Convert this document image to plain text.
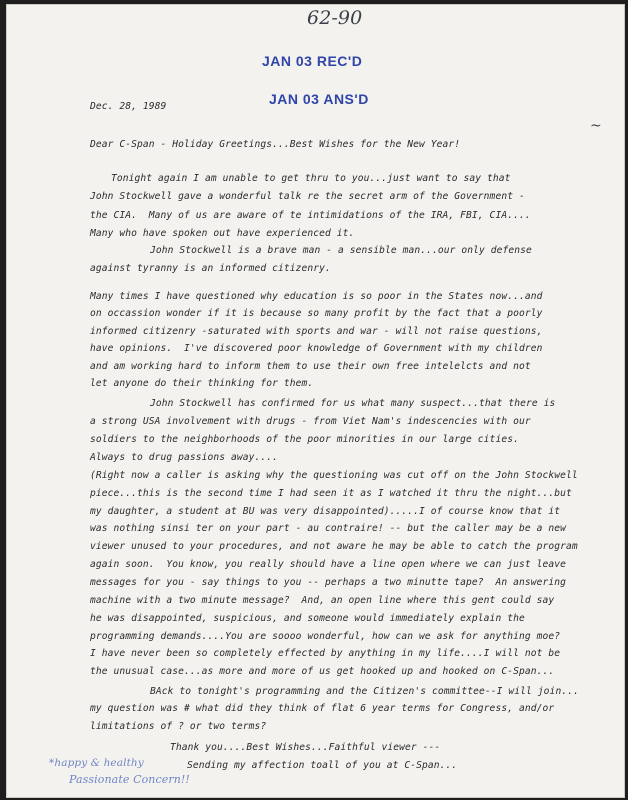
62-90
JAN 03 REC'D
JAN 03 ANS'D
~
Dec. 28, 1989
Dear C-Span - Holiday Greetings...Best Wishes for the New Year!
Tonight again I am unable to get thru to you...just want to say that
John Stockwell gave a wonderful talk re the secret arm of the Government -
the CIA.  Many of us are aware of te intimidations of the IRA, FBI, CIA....
Many who have spoken out have experienced it.
John Stockwell is a brave man - a sensible man...our only defense
against tyranny is an informed citizenry.
Many times I have questioned why education is so poor in the States now...and
on occassion wonder if it is because so many profit by the fact that a poorly
informed citizenry -saturated with sports and war - will not raise questions,
have opinions.  I've discovered poor knowledge of Government with my children
and am working hard to inform them to use their own free intelelcts and not
let anyone do their thinking for them.
John Stockwell has confirmed for us what many suspect...that there is
a strong USA involvement with drugs - from Viet Nam's indescencies with our
soldiers to the neighborhoods of the poor minorities in our large cities.
Always to drug passions away....
(Right now a caller is asking why the questioning was cut off on the John Stockwell
piece...this is the second time I had seen it as I watched it thru the night...but
my daughter, a student at BU was very disappointed).....I of course know that it
was nothing sinsi ter on your part - au contraire! -- but the caller may be a new
viewer unused to your procedures, and not aware he may be able to catch the program
again soon.  You know, you really should have a line open where we can just leave
messages for you - say things to you -- perhaps a two minutte tape?  An answering
machine with a two minute message?  And, an open line where this gent could say
he was disappointed, suspicious, and someone would immediately explain the
programming demands....You are soooo wonderful, how can we ask for anything moe?
I have never been so completely effected by anything in my life....I will not be
the unusual case...as more and more of us get hooked up and hooked on C-Span...
BAck to tonight's programming and the Citizen's committee--I will join...
my question was # what did they think of flat 6 year terms for Congress, and/or
limitations of ? or two terms?
Thank you....Best Wishes...Faithful viewer ---
Sending my affection toall of you at C-Span...
*happy & healthy
Passionate Concern!!
